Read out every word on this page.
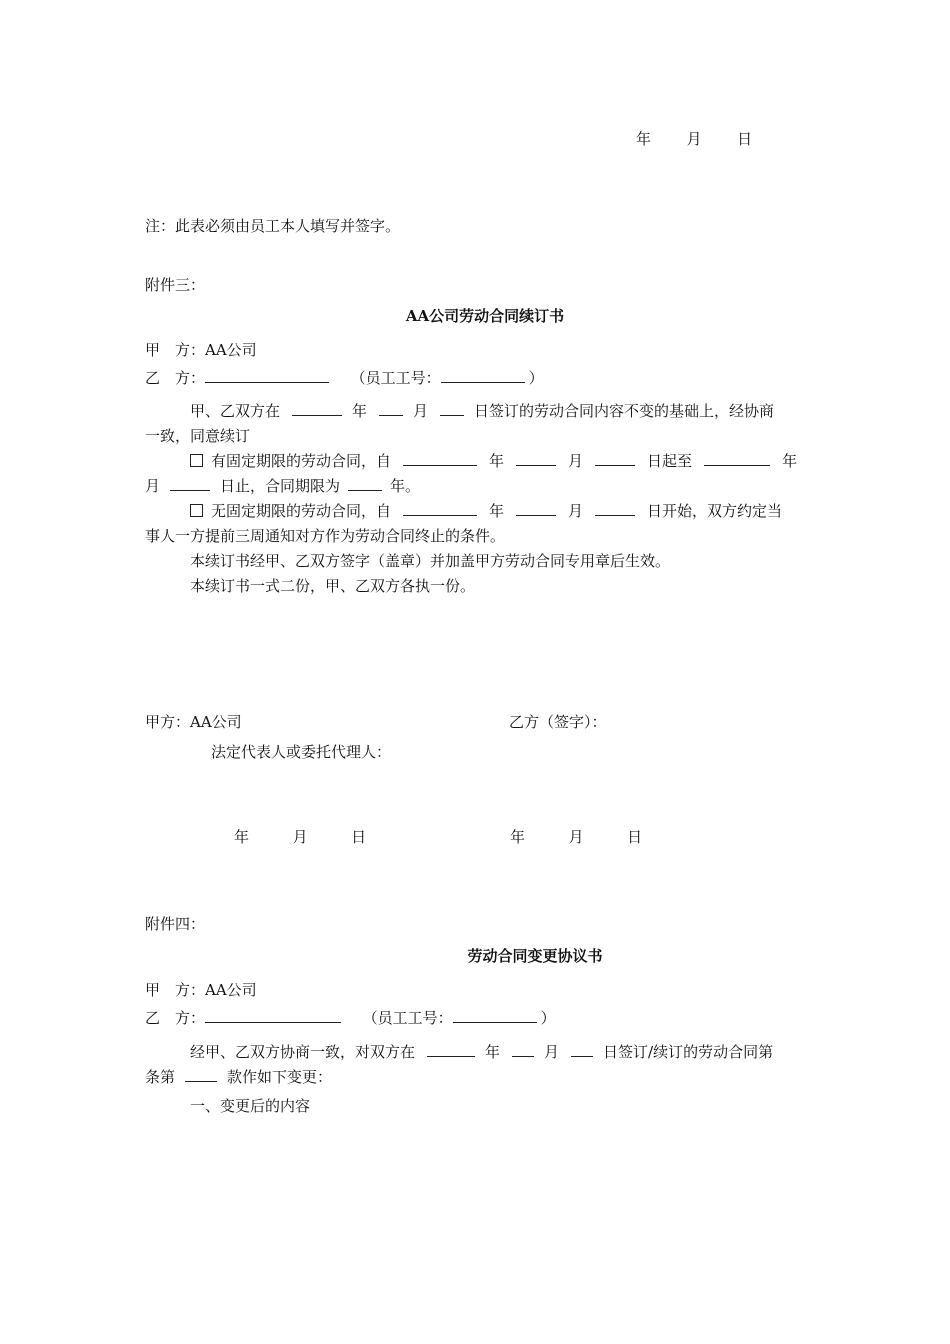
年 月 日
注：此表必须由员工本人填写并签字。
附件三：
AA公司劳动合同续订书
甲　方：AA公司
乙　方：	（员工工号：	）
甲、乙双方在	年	月	日签订的劳动合同内容不变的基础上，经协商
一致，同意续订
有固定期限的劳动合同，自	年	月	日起至	年
月	日止，合同期限为	年。
无固定期限的劳动合同，自	年	月	日开始，双方约定当
事人一方提前三周通知对方作为劳动合同终止的条件。
本续订书经甲、乙双方签字（盖章）并加盖甲方劳动合同专用章后生效。
本续订书一式二份，甲、乙双方各执一份。
甲方：AA公司	乙方（签字）：
法定代表人或委托代理人：
年	月	日	年	月	日
附件四：
劳动合同变更协议书
甲　方：AA公司
乙　方：	（员工工号：	）
经甲、乙双方协商一致，对双方在	年	月	日签订/续订的劳动合同第
条第	款作如下变更：
一、变更后的内容
